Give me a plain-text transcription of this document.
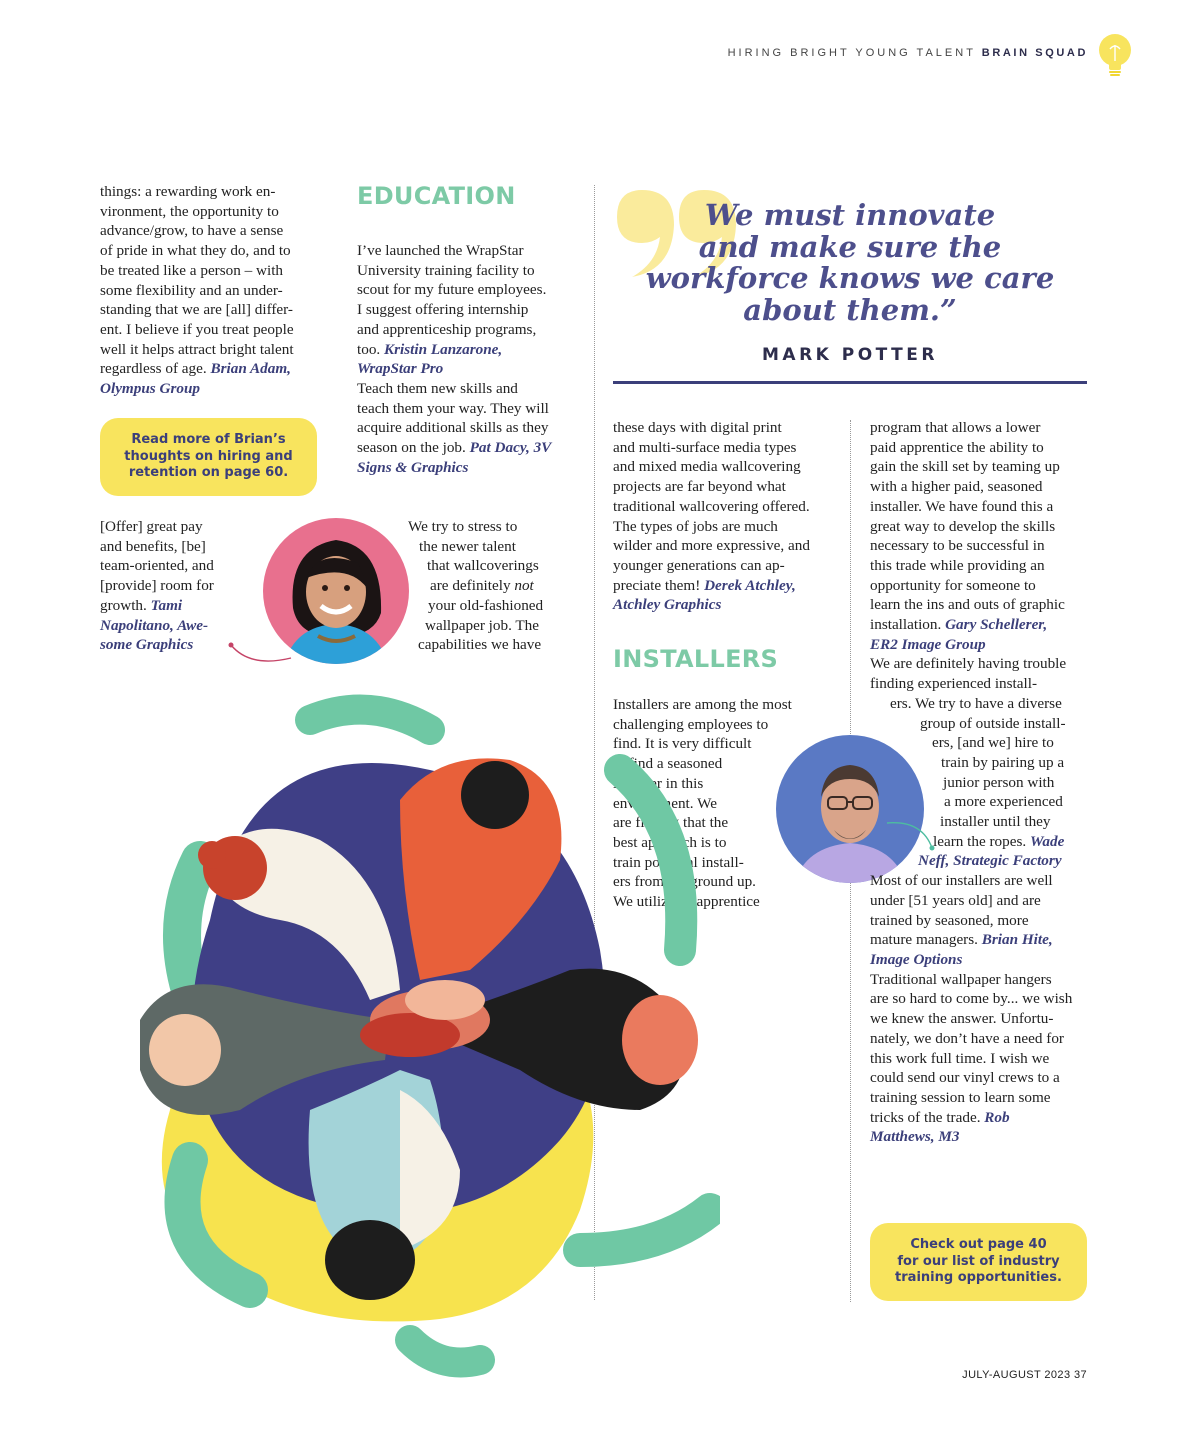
HIRING BRIGHT YOUNG TALENT BRAIN SQUAD
things: a rewarding work en-
vironment, the opportunity to
advance/grow, to have a sense
of pride in what they do, and to
be treated like a person – with
some flexibility and an under-
standing that we are [all] differ-
ent. I believe if you treat people
well it helps attract bright talent
regardless of age. Brian Adam,
Olympus Group
Read more of Brian’s
thoughts on hiring and
retention on page 60.
[Offer] great pay
and benefits, [be]
team-oriented, and
[provide] room for
growth. Tami
Napolitano, Awe-
some Graphics
EDUCATION
I’ve launched the WrapStar
University training facility to
scout for my future employees.
I suggest offering internship
and apprenticeship programs,
too. Kristin Lanzarone,
WrapStar Pro
Teach them new skills and
teach them your way. They will
acquire additional skills as they
season on the job. Pat Dacy, 3V
Signs & Graphics
We try to stress to
the newer talent
that wallcoverings
are definitely not
your old-fashioned
wallpaper job. The
capabilities we have
We must innovate
and make sure the
workforce knows we care
about them.”
MARK POTTER
these days with digital print
and multi-surface media types
and mixed media wallcovering
projects are far beyond what
traditional wallcovering offered.
The types of jobs are much
wilder and more expressive, and
younger generations can ap-
preciate them! Derek Atchley,
Atchley Graphics
INSTALLERS
Installers are among the most
challenging employees to
find. It is very difficult
to find a seasoned
installer in this
environment. We
are finding that the
best approach is to
train potential install-
ers from the ground up.
We utilize an apprentice
program that allows a lower
paid apprentice the ability to
gain the skill set by teaming up
with a higher paid, seasoned
installer. We have found this a
great way to develop the skills
necessary to be successful in
this trade while providing an
opportunity for someone to
learn the ins and outs of graphic
installation. Gary Schellerer,
ER2 Image Group
We are definitely having trouble
finding experienced install-
ers. We try to have a diverse
group of outside install-
ers, [and we] hire to
train by pairing up a
junior person with
a more experienced
installer until they
learn the ropes. Wade
Neff, Strategic Factory
Most of our installers are well
under [51 years old] and are
trained by seasoned, more
mature managers. Brian Hite,
Image Options
Traditional wallpaper hangers
are so hard to come by... we wish
we knew the answer. Unfortu-
nately, we don’t have a need for
this work full time. I wish we
could send our vinyl crews to a
training session to learn some
tricks of the trade. Rob
Matthews, M3
Check out page 40
for our list of industry
training opportunities.
JULY-AUGUST 2023 37
